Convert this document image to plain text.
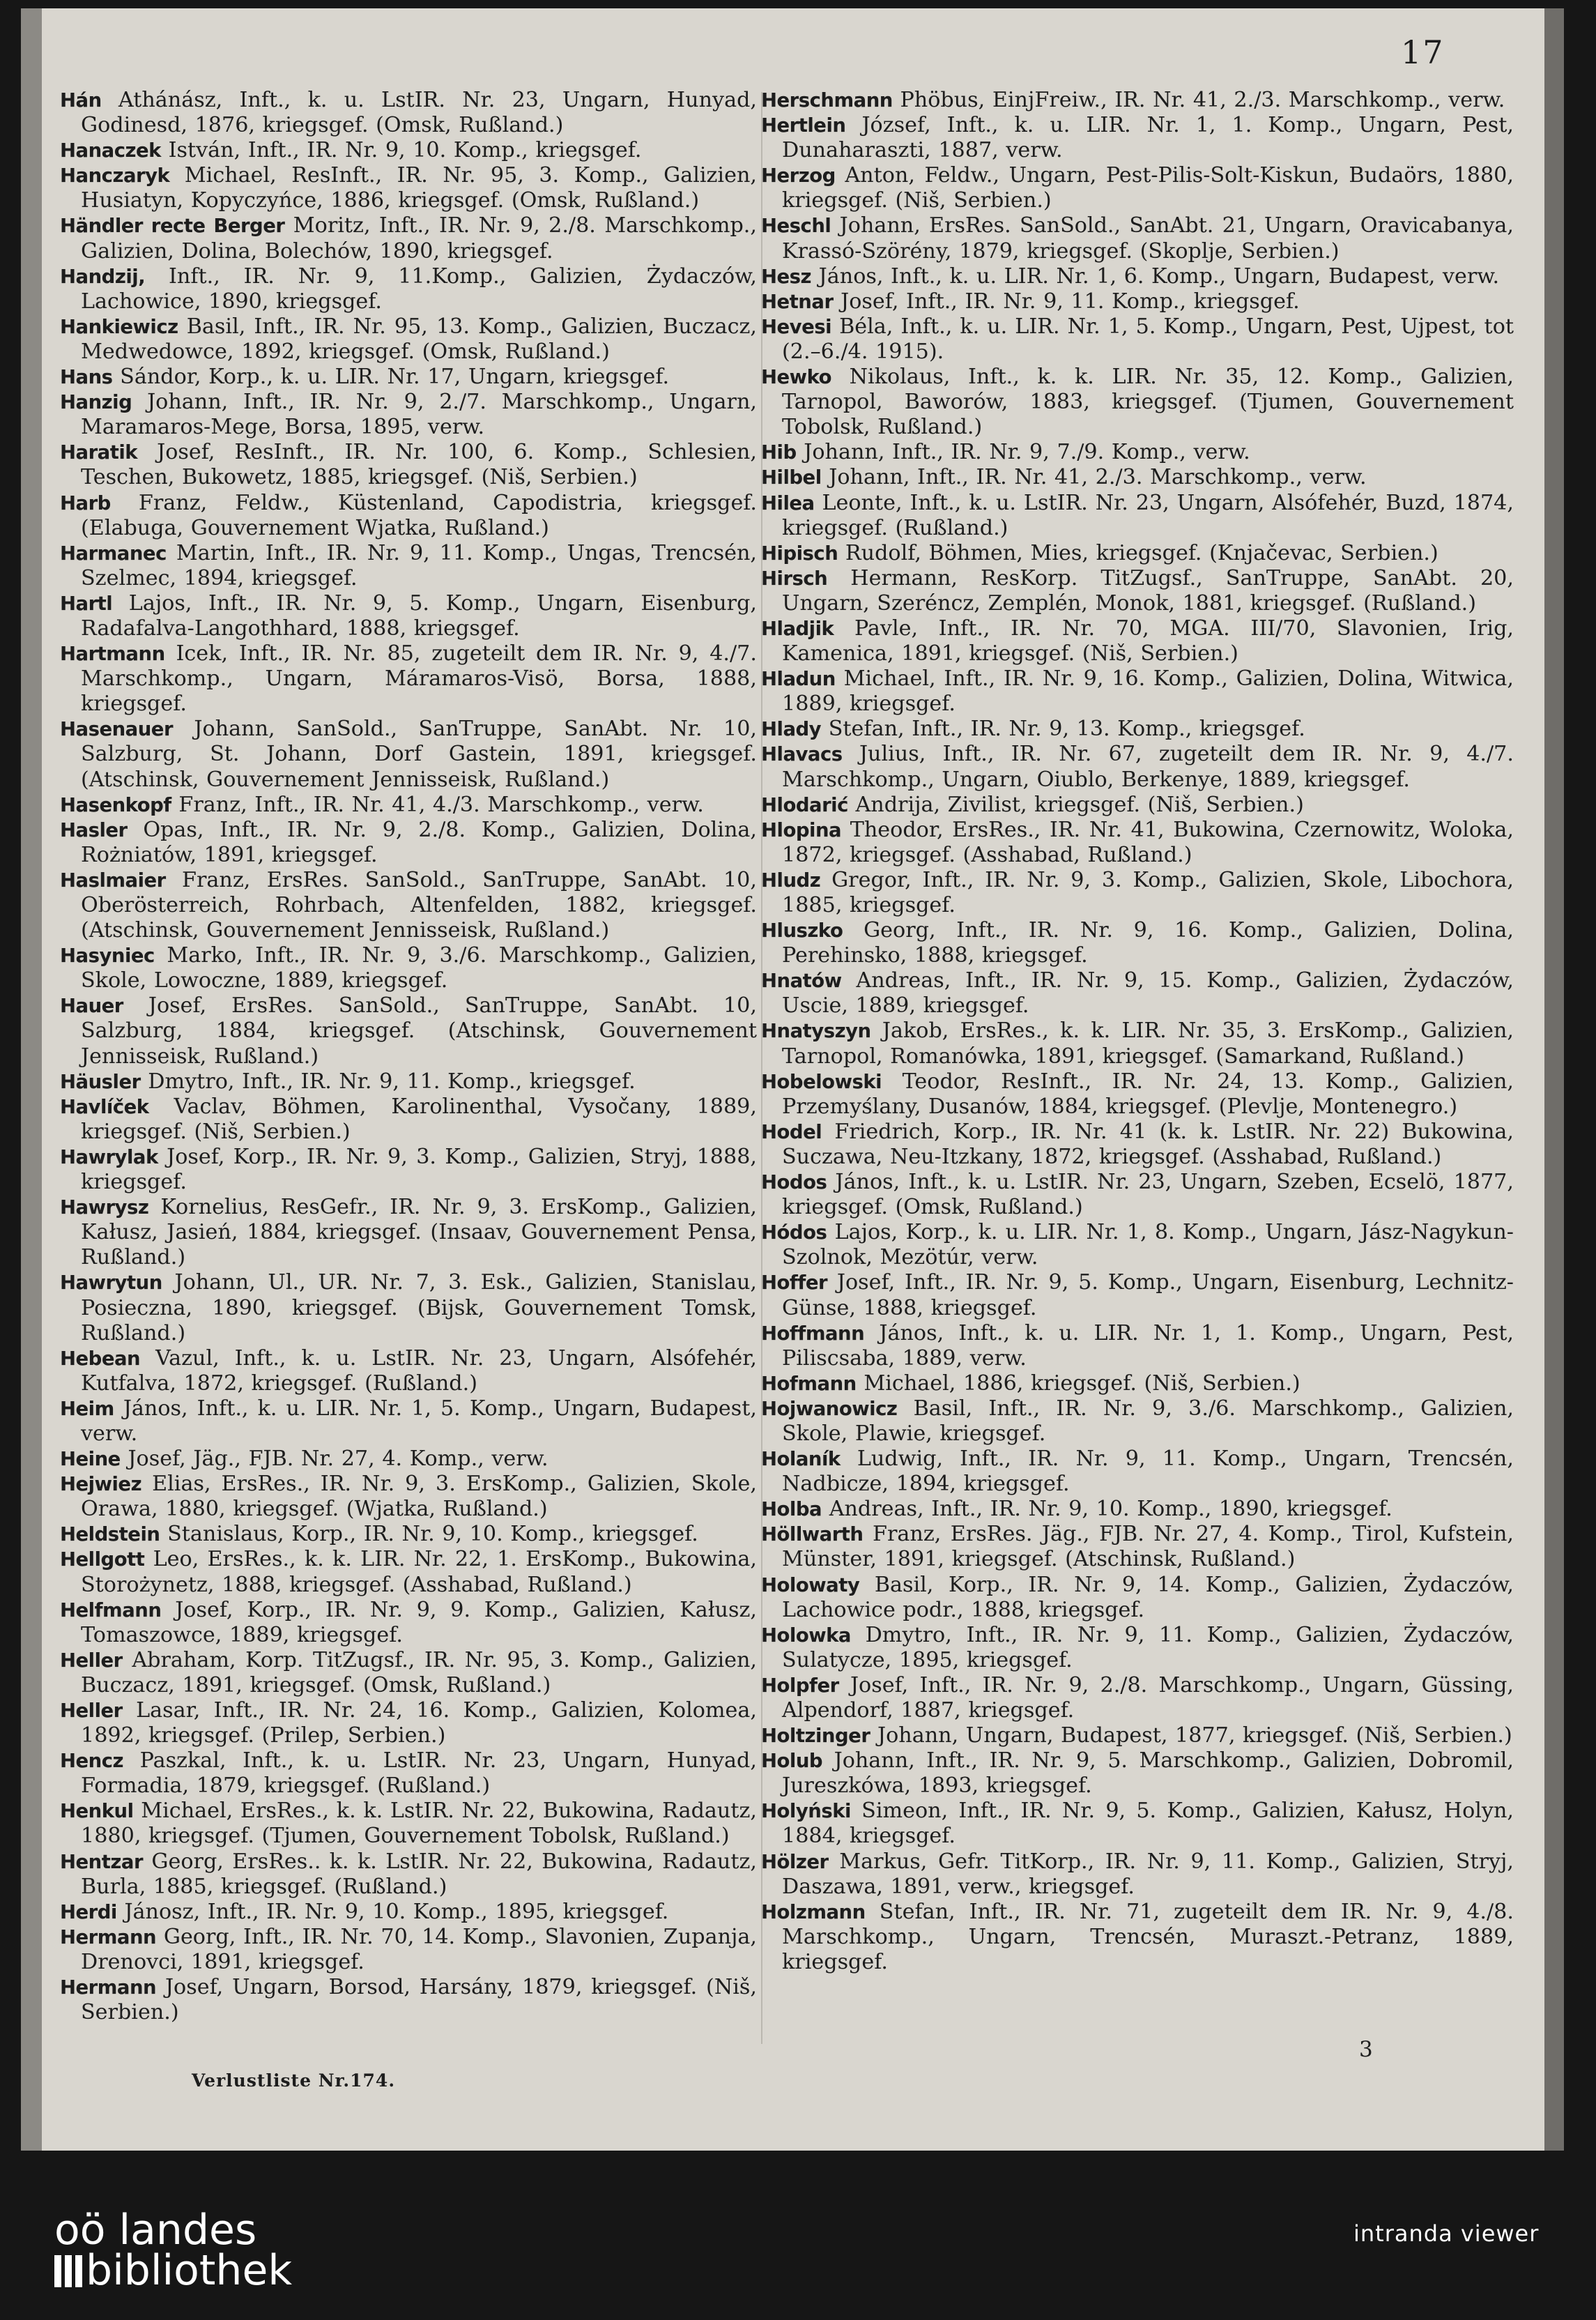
17
Hán Athánász, Inft., k. u. LstIR. Nr. 23, Ungarn, Hunyad, Godinesd, 1876, kriegsgef. (Omsk, Rußland.)
Hanaczek István, Inft., IR. Nr. 9, 10. Komp., kriegsgef.
Hanczaryk Michael, ResInft., IR. Nr. 95, 3. Komp., Galizien, Husiatyn, Kopyczyńce, 1886, kriegsgef. (Omsk, Rußland.)
Händler recte Berger Moritz, Inft., IR. Nr. 9, 2./8. Marschkomp., Galizien, Dolina, Bolechów, 1890, kriegsgef.
Handzij, Inft., IR. Nr. 9, 11.Komp., Galizien, Żydaczów, Lachowice, 1890, kriegsgef.
Hankiewicz Basil, Inft., IR. Nr. 95, 13. Komp., Galizien, Buczacz, Medwedowce, 1892, kriegsgef. (Omsk, Rußland.)
Hans Sándor, Korp., k. u. LIR. Nr. 17, Ungarn, kriegsgef.
Hanzig Johann, Inft., IR. Nr. 9, 2./7. Marschkomp., Ungarn, Maramaros-Mege, Borsa, 1895, verw.
Haratik Josef, ResInft., IR. Nr. 100, 6. Komp., Schlesien, Teschen, Bukowetz, 1885, kriegsgef. (Niš, Serbien.)
Harb Franz, Feldw., Küstenland, Capodistria, kriegsgef. (Elabuga, Gouvernement Wjatka, Rußland.)
Harmanec Martin, Inft., IR. Nr. 9, 11. Komp., Ungas, Trencsén, Szelmec, 1894, kriegsgef.
Hartl Lajos, Inft., IR. Nr. 9, 5. Komp., Ungarn, Eisenburg, Radafalva-Langothhard, 1888, kriegsgef.
Hartmann Icek, Inft., IR. Nr. 85, zugeteilt dem IR. Nr. 9, 4./7. Marschkomp., Ungarn, Máramaros-Visö, Borsa, 1888, kriegsgef.
Hasenauer Johann, SanSold., SanTruppe, SanAbt. Nr. 10, Salzburg, St. Johann, Dorf Gastein, 1891, kriegsgef. (Atschinsk, Gouvernement Jennisseisk, Rußland.)
Hasenkopf Franz, Inft., IR. Nr. 41, 4./3. Marschkomp., verw.
Hasler Opas, Inft., IR. Nr. 9, 2./8. Komp., Galizien, Dolina, Rożniatów, 1891, kriegsgef.
Haslmaier Franz, ErsRes. SanSold., SanTruppe, SanAbt. 10, Oberösterreich, Rohrbach, Altenfelden, 1882, kriegsgef. (Atschinsk, Gouvernement Jennisseisk, Rußland.)
Hasyniec Marko, Inft., IR. Nr. 9, 3./6. Marschkomp., Galizien, Skole, Lowoczne, 1889, kriegsgef.
Hauer Josef, ErsRes. SanSold., SanTruppe, SanAbt. 10, Salzburg, 1884, kriegsgef. (Atschinsk, Gouvernement Jennisseisk, Rußland.)
Häusler Dmytro, Inft., IR. Nr. 9, 11. Komp., kriegsgef.
Havlíček Vaclav, Böhmen, Karolinenthal, Vysočany, 1889, kriegsgef. (Niš, Serbien.)
Hawrylak Josef, Korp., IR. Nr. 9, 3. Komp., Galizien, Stryj, 1888, kriegsgef.
Hawrysz Kornelius, ResGefr., IR. Nr. 9, 3. ErsKomp., Galizien, Kałusz, Jasień, 1884, kriegsgef. (Insaav, Gouvernement Pensa, Rußland.)
Hawrytun Johann, Ul., UR. Nr. 7, 3. Esk., Galizien, Stanislau, Posieczna, 1890, kriegsgef. (Bijsk, Gouvernement Tomsk, Rußland.)
Hebean Vazul, Inft., k. u. LstIR. Nr. 23, Ungarn, Alsófehér, Kutfalva, 1872, kriegsgef. (Rußland.)
Heim János, Inft., k. u. LIR. Nr. 1, 5. Komp., Ungarn, Budapest, verw.
Heine Josef, Jäg., FJB. Nr. 27, 4. Komp., verw.
Hejwiez Elias, ErsRes., IR. Nr. 9, 3. ErsKomp., Galizien, Skole, Orawa, 1880, kriegsgef. (Wjatka, Rußland.)
Heldstein Stanislaus, Korp., IR. Nr. 9, 10. Komp., kriegsgef.
Hellgott Leo, ErsRes., k. k. LIR. Nr. 22, 1. ErsKomp., Bukowina, Storożynetz, 1888, kriegsgef. (Asshabad, Rußland.)
Helfmann Josef, Korp., IR. Nr. 9, 9. Komp., Galizien, Kałusz, Tomaszowce, 1889, kriegsgef.
Heller Abraham, Korp. TitZugsf., IR. Nr. 95, 3. Komp., Galizien, Buczacz, 1891, kriegsgef. (Omsk, Rußland.)
Heller Lasar, Inft., IR. Nr. 24, 16. Komp., Galizien, Kolomea, 1892, kriegsgef. (Prilep, Serbien.)
Hencz Paszkal, Inft., k. u. LstIR. Nr. 23, Ungarn, Hunyad, Formadia, 1879, kriegsgef. (Rußland.)
Henkul Michael, ErsRes., k. k. LstIR. Nr. 22, Bukowina, Radautz, 1880, kriegsgef. (Tjumen, Gouvernement Tobolsk, Rußland.)
Hentzar Georg, ErsRes.. k. k. LstIR. Nr. 22, Bukowina, Radautz, Burla, 1885, kriegsgef. (Rußland.)
Herdi Jánosz, Inft., IR. Nr. 9, 10. Komp., 1895, kriegsgef.
Hermann Georg, Inft., IR. Nr. 70, 14. Komp., Slavonien, Zupanja, Drenovci, 1891, kriegsgef.
Hermann Josef, Ungarn, Borsod, Harsány, 1879, kriegsgef. (Niš, Serbien.)
Herschmann Phöbus, EinjFreiw., IR. Nr. 41, 2./3. Marschkomp., verw.
Hertlein József, Inft., k. u. LIR. Nr. 1, 1. Komp., Ungarn, Pest, Dunaharaszti, 1887, verw.
Herzog Anton, Feldw., Ungarn, Pest-Pilis-Solt-Kiskun, Budaörs, 1880, kriegsgef. (Niš, Serbien.)
Heschl Johann, ErsRes. SanSold., SanAbt. 21, Ungarn, Oravicabanya, Krassó-Szörény, 1879, kriegsgef. (Skoplje, Serbien.)
Hesz János, Inft., k. u. LIR. Nr. 1, 6. Komp., Ungarn, Budapest, verw.
Hetnar Josef, Inft., IR. Nr. 9, 11. Komp., kriegsgef.
Hevesi Béla, Inft., k. u. LIR. Nr. 1, 5. Komp., Ungarn, Pest, Ujpest, tot (2.–6./4. 1915).
Hewko Nikolaus, Inft., k. k. LIR. Nr. 35, 12. Komp., Galizien, Tarnopol, Baworów, 1883, kriegsgef. (Tjumen, Gouvernement Tobolsk, Rußland.)
Hib Johann, Inft., IR. Nr. 9, 7./9. Komp., verw.
Hilbel Johann, Inft., IR. Nr. 41, 2./3. Marschkomp., verw.
Hilea Leonte, Inft., k. u. LstIR. Nr. 23, Ungarn, Alsófehér, Buzd, 1874, kriegsgef. (Rußland.)
Hipisch Rudolf, Böhmen, Mies, kriegsgef. (Knjačevac, Serbien.)
Hirsch Hermann, ResKorp. TitZugsf., SanTruppe, SanAbt. 20, Ungarn, Szeréncz, Zemplén, Monok, 1881, kriegsgef. (Rußland.)
Hladjik Pavle, Inft., IR. Nr. 70, MGA. III/70, Slavonien, Irig, Kamenica, 1891, kriegsgef. (Niš, Serbien.)
Hladun Michael, Inft., IR. Nr. 9, 16. Komp., Galizien, Dolina, Witwica, 1889, kriegsgef.
Hlady Stefan, Inft., IR. Nr. 9, 13. Komp., kriegsgef.
Hlavacs Julius, Inft., IR. Nr. 67, zugeteilt dem IR. Nr. 9, 4./7. Marschkomp., Ungarn, Oiublo, Berkenye, 1889, kriegsgef.
Hlodarić Andrija, Zivilist, kriegsgef. (Niš, Serbien.)
Hlopina Theodor, ErsRes., IR. Nr. 41, Bukowina, Czernowitz, Woloka, 1872, kriegsgef. (Asshabad, Rußland.)
Hludz Gregor, Inft., IR. Nr. 9, 3. Komp., Galizien, Skole, Libochora, 1885, kriegsgef.
Hluszko Georg, Inft., IR. Nr. 9, 16. Komp., Galizien, Dolina, Perehinsko, 1888, kriegsgef.
Hnatów Andreas, Inft., IR. Nr. 9, 15. Komp., Galizien, Żydaczów, Uscie, 1889, kriegsgef.
Hnatyszyn Jakob, ErsRes., k. k. LIR. Nr. 35, 3. ErsKomp., Galizien, Tarnopol, Romanówka, 1891, kriegsgef. (Samarkand, Rußland.)
Hobelowski Teodor, ResInft., IR. Nr. 24, 13. Komp., Galizien, Przemyślany, Dusanów, 1884, kriegsgef. (Plevlje, Montenegro.)
Hodel Friedrich, Korp., IR. Nr. 41 (k. k. LstIR. Nr. 22) Bukowina, Suczawa, Neu-Itzkany, 1872, kriegsgef. (Asshabad, Rußland.)
Hodos János, Inft., k. u. LstIR. Nr. 23, Ungarn, Szeben, Ecselö, 1877, kriegsgef. (Omsk, Rußland.)
Hódos Lajos, Korp., k. u. LIR. Nr. 1, 8. Komp., Ungarn, Jász-Nagykun-Szolnok, Mezötúr, verw.
Hoffer Josef, Inft., IR. Nr. 9, 5. Komp., Ungarn, Eisenburg, Lechnitz-Günse, 1888, kriegsgef.
Hoffmann János, Inft., k. u. LIR. Nr. 1, 1. Komp., Ungarn, Pest, Piliscsaba, 1889, verw.
Hofmann Michael, 1886, kriegsgef. (Niš, Serbien.)
Hojwanowicz Basil, Inft., IR. Nr. 9, 3./6. Marschkomp., Galizien, Skole, Plawie, kriegsgef.
Holaník Ludwig, Inft., IR. Nr. 9, 11. Komp., Ungarn, Trencsén, Nadbicze, 1894, kriegsgef.
Holba Andreas, Inft., IR. Nr. 9, 10. Komp., 1890, kriegsgef.
Höllwarth Franz, ErsRes. Jäg., FJB. Nr. 27, 4. Komp., Tirol, Kufstein, Münster, 1891, kriegsgef. (Atschinsk, Rußland.)
Holowaty Basil, Korp., IR. Nr. 9, 14. Komp., Galizien, Żydaczów, Lachowice podr., 1888, kriegsgef.
Holowka Dmytro, Inft., IR. Nr. 9, 11. Komp., Galizien, Żydaczów, Sulatycze, 1895, kriegsgef.
Holpfer Josef, Inft., IR. Nr. 9, 2./8. Marschkomp., Ungarn, Güssing, Alpendorf, 1887, kriegsgef.
Holtzinger Johann, Ungarn, Budapest, 1877, kriegsgef. (Niš, Serbien.)
Holub Johann, Inft., IR. Nr. 9, 5. Marschkomp., Galizien, Dobromil, Jureszkówa, 1893, kriegsgef.
Holyński Simeon, Inft., IR. Nr. 9, 5. Komp., Galizien, Kałusz, Holyn, 1884, kriegsgef.
Hölzer Markus, Gefr. TitKorp., IR. Nr. 9, 11. Komp., Galizien, Stryj, Daszawa, 1891, verw., kriegsgef.
Holzmann Stefan, Inft., IR. Nr. 71, zugeteilt dem IR. Nr. 9, 4./8. Marschkomp., Ungarn, Trencsén, Muraszt.-Petranz, 1889, kriegsgef.
Verlustliste Nr.174.
3
oö landes
bibliothek
intranda viewer
